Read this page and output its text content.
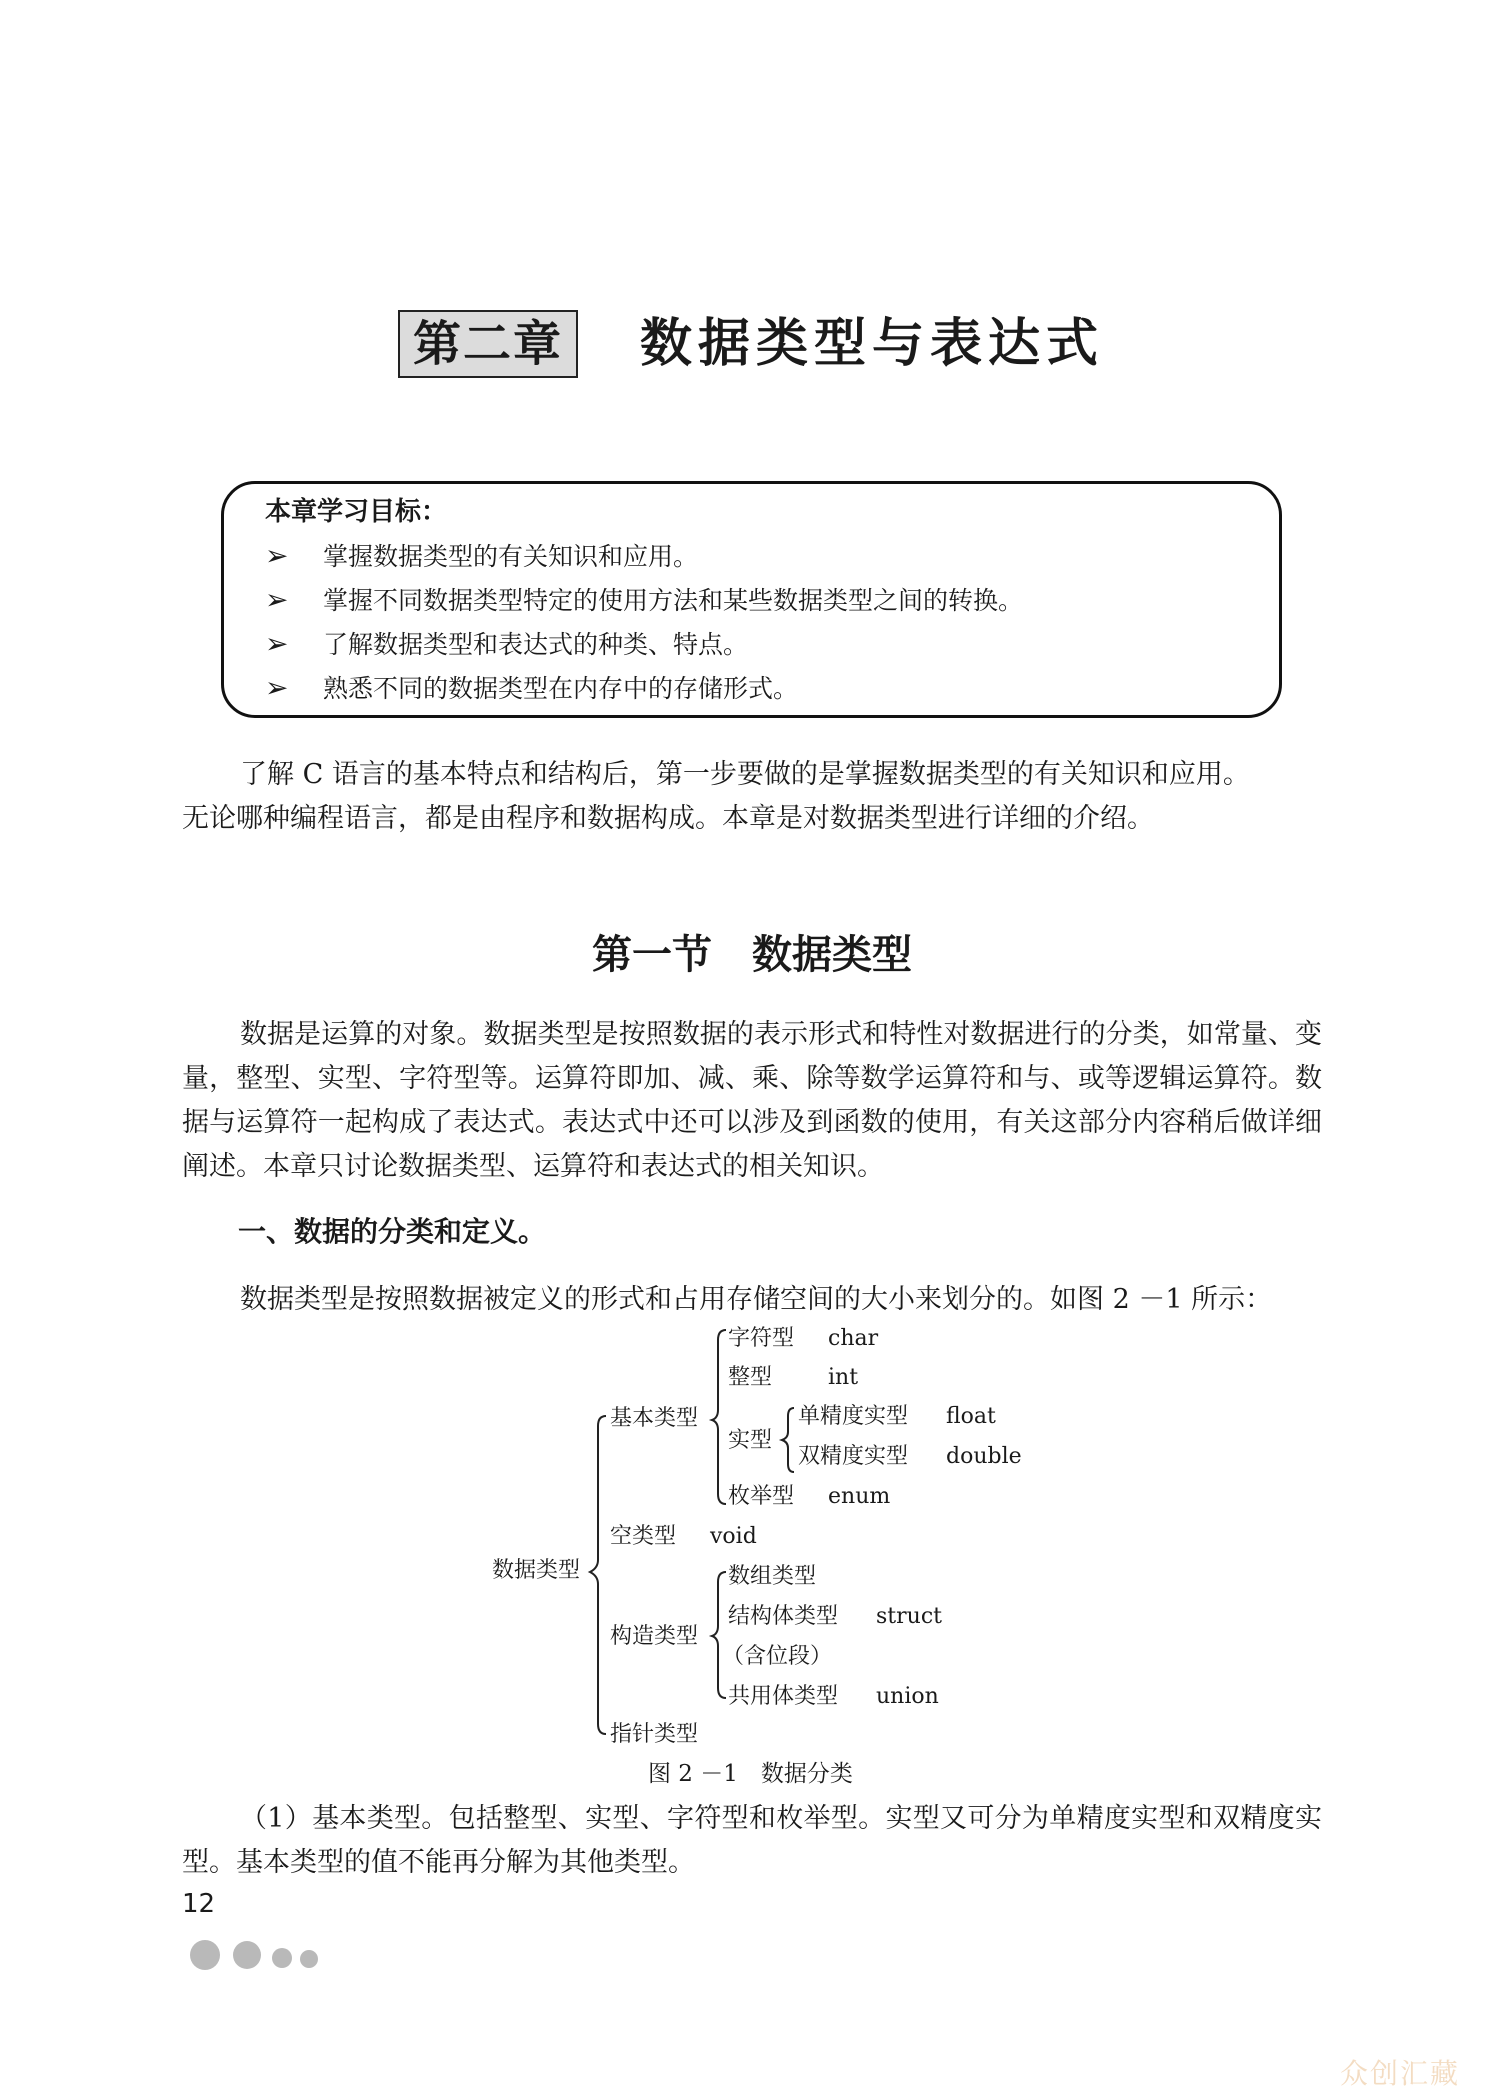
第二章 数据类型与表达式
本章学习目标：
➢ 掌握数据类型的有关知识和应用。
➢ 掌握不同数据类型特定的使用方法和某些数据类型之间的转换。
➢ 了解数据类型和表达式的种类、特点。
➢ 熟悉不同的数据类型在内存中的存储形式。

了解 C 语言的基本特点和结构后，第一步要做的是掌握数据类型的有关知识和应用。

无论哪种编程语言，都是由程序和数据构成。本章是对数据类型进行详细的介绍。

第一节　数据类型

数据是运算的对象。数据类型是按照数据的表示形式和特性对数据进行的分类，如常量、变量，整型、实型、字符型等。运算符即加、减、乘、除等数学运算符和与、或等逻辑运算符。数据与运算符一起构成了表达式。表达式中还可以涉及到函数的使用，有关这部分内容稍后做详细阐述。本章只讨论数据类型、运算符和表达式的相关知识。

一、数据的分类和定义。

数据类型是按照数据被定义的形式和占用存储空间的大小来划分的。如图 2 －1 所示：

数据类型
基本类型
字符型 char
整型	int
实型
单精度实型 float
双精度实型 double
枚举型 enum
空类型 void
构造类型
数组类型
结构体类型 struct
（含位段）
共用体类型 union
指针类型
图 2 －1　数据分类

（1）基本类型。包括整型、实型、字符型和枚举型。实型又可分为单精度实型和双精度实型。基本类型的值不能再分解为其他类型。

12
众创汇藏
